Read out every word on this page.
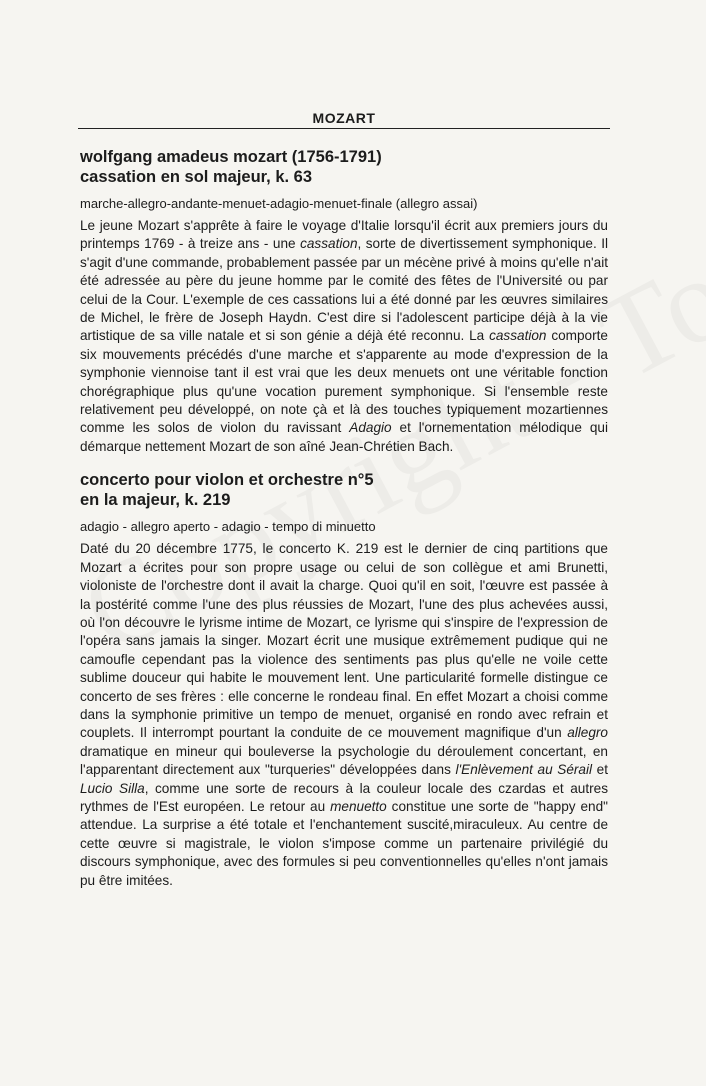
MOZART
wolfgang amadeus mozart (1756-1791)
cassation en sol majeur, k. 63
marche-allegro-andante-menuet-adagio-menuet-finale (allegro assai)

Le jeune Mozart s'apprête à faire le voyage d'Italie lorsqu'il écrit aux premiers jours du printemps 1769 - à treize ans - une cassation, sorte de divertissement symphonique. Il s'agit d'une commande, probablement passée par un mécène privé à moins qu'elle n'ait été adressée au père du jeune homme par le comité des fêtes de l'Université ou par celui de la Cour. L'exemple de ces cassations lui a été donné par les œuvres similaires de Michel, le frère de Joseph Haydn. C'est dire si l'adolescent participe déjà à la vie artistique de sa ville natale et si son génie a déjà été reconnu. La cassation comporte six mouvements précédés d'une marche et s'apparente au mode d'expression de la symphonie viennoise tant il est vrai que les deux menuets ont une véritable fonction chorégraphique plus qu'une vocation purement symphonique. Si l'ensemble reste relativement peu développé, on note çà et là des touches typiquement mozartiennes comme les solos de violon du ravissant Adagio et l'ornementation mélodique qui démarque nettement Mozart de son aîné Jean-Chrétien Bach.

concerto pour violon et orchestre n°5
en la majeur, k. 219
adagio - allegro aperto - adagio - tempo di minuetto

Daté du 20 décembre 1775, le concerto K. 219 est le dernier de cinq partitions que Mozart a écrites pour son propre usage ou celui de son collègue et ami Brunetti, violoniste de l'orchestre dont il avait la charge. Quoi qu'il en soit, l'œuvre est passée à la postérité comme l'une des plus réussies de Mozart, l'une des plus achevées aussi, où l'on découvre le lyrisme intime de Mozart, ce lyrisme qui s'inspire de l'expression de l'opéra sans jamais la singer. Mozart écrit une musique extrêmement pudique qui ne camoufle cependant pas la violence des sentiments pas plus qu'elle ne voile cette sublime douceur qui habite le mouvement lent. Une particularité formelle distingue ce concerto de ses frères : elle concerne le rondeau final. En effet Mozart a choisi comme dans la symphonie primitive un tempo de menuet, organisé en rondo avec refrain et couplets. Il interrompt pourtant la conduite de ce mouvement magnifique d'un allegro dramatique en mineur qui bouleverse la psychologie du déroulement concertant, en l'apparentant directement aux "turqueries" développées dans l'Enlèvement au Sérail et Lucio Silla, comme une sorte de recours à la couleur locale des czardas et autres rythmes de l'Est européen. Le retour au menuetto constitue une sorte de "happy end" attendue. La surprise a été totale et l'enchantement suscité,miraculeux. Au centre de cette œuvre si magistrale, le violon s'impose comme un partenaire privilégié du discours symphonique, avec des formules si peu conventionnelles qu'elles n'ont jamais pu être imitées.
